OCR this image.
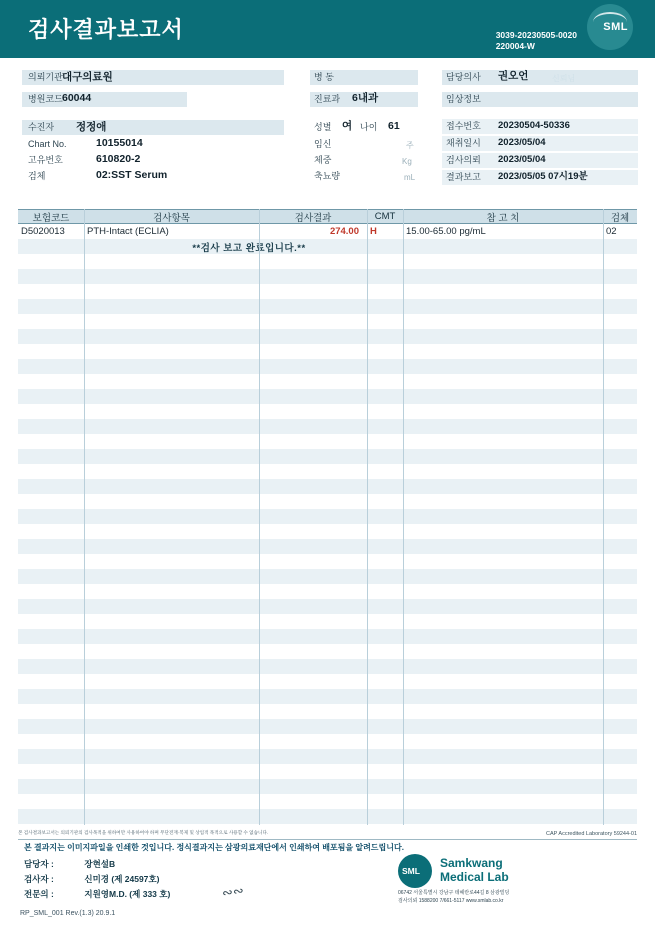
검사결과보고서	3039-20230505-0020
220004-W
SML
의뢰기관 대구의료원
병원코드 60044
수진자 정정애
Chart No.	10155014
고유번호	610820-2
검체	02:SST Serum
병 동
진료과 6내과
성별 여 나이 61
임신	주
체중	Kg
축뇨량	mL
담당의사 권오언	신뢰님
임상정보
접수번호 20230504-50336
채취일시 2023/05/04
검사의뢰 2023/05/04
결과보고 2023/05/05 07시19분
보험코드	검사항목	검사결과	CMT	참 고 치	검체
D5020013	PTH-Intact (ECLIA)	274.00	H	15.00-65.00 pg/mL	02
**검사 보고 완료입니다.**
본 검사결과보고서는 의뢰기관의 검사목적을 위하여만 사용하여야 하며 무단전재·복제 및 상업적 목적으로 사용할 수 없습니다.	CAP Accredited Laboratory 59244-01
본 결과지는 이미지파일을 인쇄한 것입니다. 정식결과지는 삼광의료재단에서 인쇄하여 배포됨을 알려드립니다.
담당자 :	장현설B
검사자 :	신미경 (제 24597호)
전문의 :	지원영M.D. (제 333 호)	∾∾
SML
Samkwang
Medical Lab
06742 서울특별시 강남구 테헤란로44길 8 삼광빌딩
검사의뢰 1588200 7/661-5117 www.smlab.co.kr
RP_SML_001 Rev.(1.3) 20.9.1
